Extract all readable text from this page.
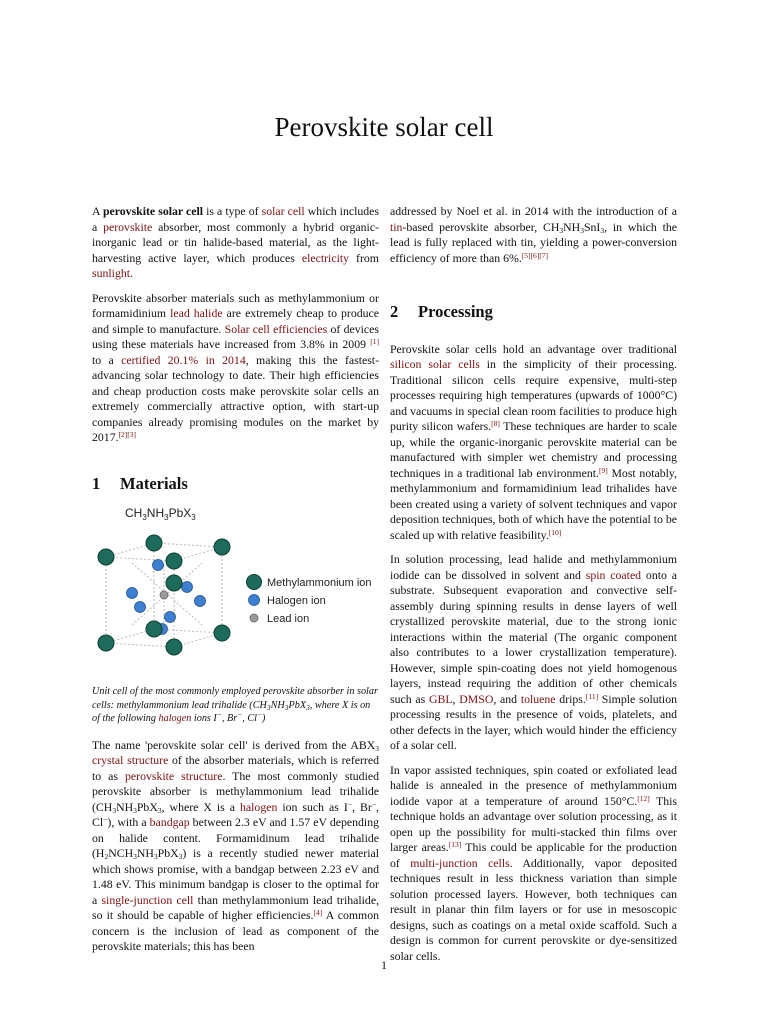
Perovskite solar cell

A perovskite solar cell is a type of solar cell which includes a perovskite absorber, most commonly a hybrid organic-inorganic lead or tin halide-based material, as the light-harvesting active layer, which produces electricity from sunlight.

Perovskite absorber materials such as methylammonium or formamidinium lead halide are extremely cheap to produce and simple to manufacture. Solar cell efficiencies of devices using these materials have increased from 3.8% in 2009 [1] to a certified 20.1% in 2014, making this the fastest-advancing solar technology to date. Their high efficiencies and cheap production costs make perovskite solar cells an extremely commercially attractive option, with start-up companies already promising modules on the market by 2017.[2][3]

1 Materials
$CH_3NH_3PbX_3$
Methylammonium ion
Halogen ion
Lead ion
Unit cell of the most commonly employed perovskite absorber in solar cells: methylammonium lead trihalide ($CH_3NH_3PbX_3$, where X is on of the following halogen ions I−, Br−, Cl−)

The name 'perovskite solar cell' is derived from the $ABX_3$ crystal structure of the absorber materials, which is referred to as perovskite structure. The most commonly studied perovskite absorber is methylammonium lead trihalide ($CH_3NH_3PbX_3$, where X is a halogen ion such as I−, Br−, Cl−), with a bandgap between 2.3 eV and 1.57 eV depending on halide content. Formamidinum lead trihalide $(H_2NCH_3NH_3PbX_3)$ is a recently studied newer material which shows promise, with a bandgap between 2.23 eV and 1.48 eV. This minimum bandgap is closer to the optimal for a single-junction cell than methylammonium lead trihalide, so it should be capable of higher efficiencies.[4] A common concern is the inclusion of lead as component of the perovskite materials; this has been

addressed by Noel et al. in 2014 with the introduction of a tin-based perovskite absorber, $CH_3NH_3SnI_3$, in which the lead is fully replaced with tin, yielding a power-conversion efficiency of more than 6%.[5][6][7]

2 Processing

Perovskite solar cells hold an advantage over traditional silicon solar cells in the simplicity of their processing. Traditional silicon cells require expensive, multi-step processes requiring high temperatures (upwards of 1000°C) and vacuums in special clean room facilities to produce high purity silicon wafers.[8] These techniques are harder to scale up, while the organic-inorganic perovskite material can be manufactured with simpler wet chemistry and processing techniques in a traditional lab environment.[9] Most notably, methylammonium and formamidinium lead trihalides have been created using a variety of solvent techniques and vapor deposition techniques, both of which have the potential to be scaled up with relative feasibility.[10]

In solution processing, lead halide and methylammonium iodide can be dissolved in solvent and spin coated onto a substrate. Subsequent evaporation and convective self-assembly during spinning results in dense layers of well crystallized perovskite material, due to the strong ionic interactions within the material (The organic component also contributes to a lower crystallization temperature). However, simple spin-coating does not yield homogenous layers, instead requiring the addition of other chemicals such as GBL, DMSO, and toluene drips.[11] Simple solution processing results in the presence of voids, platelets, and other defects in the layer, which would hinder the efficiency of a solar cell.

In vapor assisted techniques, spin coated or exfoliated lead halide is annealed in the presence of methylammonium iodide vapor at a temperature of around 150°C.[12] This technique holds an advantage over solution processing, as it open up the possibility for multi-stacked thin films over larger areas.[13] This could be applicable for the production of multi-junction cells. Additionally, vapor deposited techniques result in less thickness variation than simple solution processed layers. However, both techniques can result in planar thin film layers or for use in mesoscopic designs, such as coatings on a metal oxide scaffold. Such a design is common for current perovskite or dye-sensitized solar cells.

1
